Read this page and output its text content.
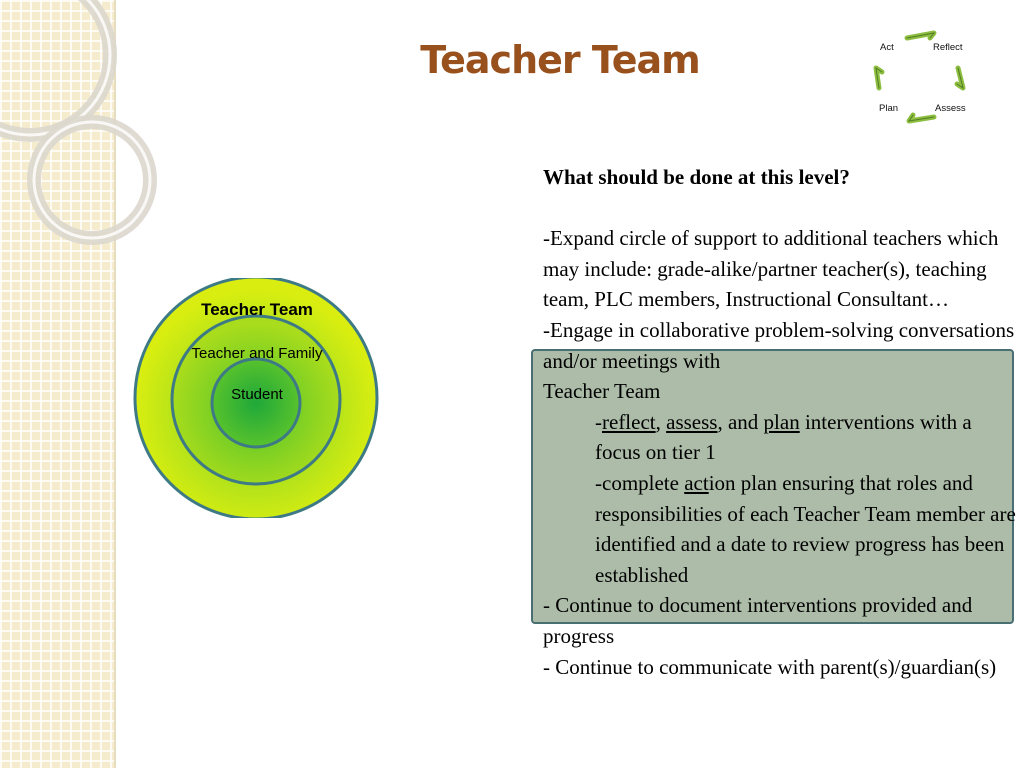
Teacher Team	Act	Reflect
Assess
Plan
Teacher Team
Teacher and Family
Student

What should be done at this level?

-Expand circle of support to additional teachers which may include: grade-alike/partner teacher(s), teaching team, PLC members, Instructional Consultant…

-Engage in collaborative problem-solving conversations and/or meetings with
Teacher Team

-reflect, assess, and plan interventions with a focus on tier 1

-complete action plan ensuring that roles and responsibilities of each Teacher Team member are identified and a date to review progress has been established

- Continue to document interventions provided and progress

- Continue to communicate with parent(s)/guardian(s)
